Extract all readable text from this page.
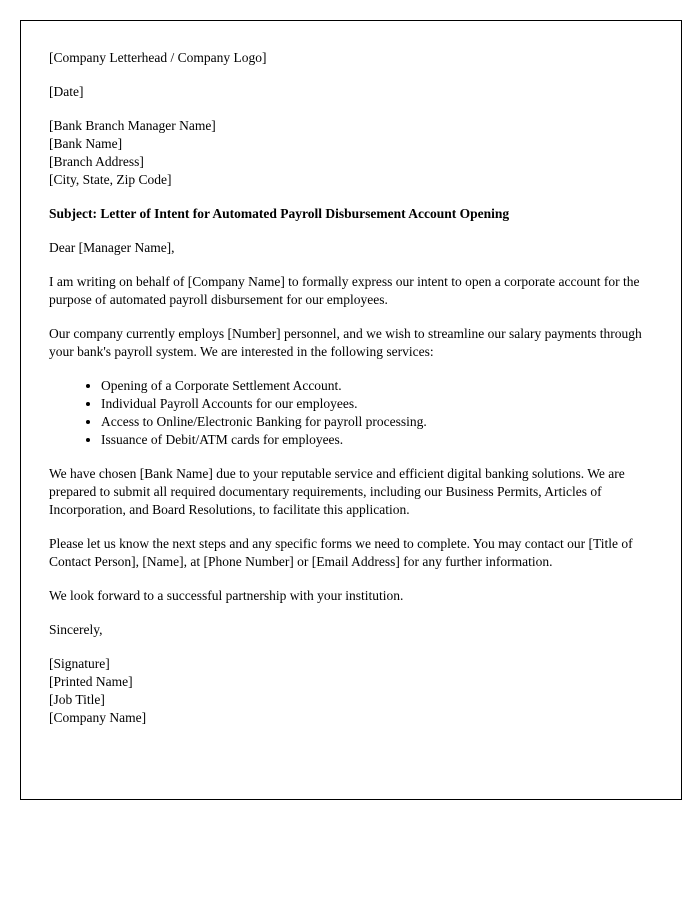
[Company Letterhead / Company Logo]

[Date]

[Bank Branch Manager Name]
[Bank Name]
[Branch Address]
[City, State, Zip Code]

Subject: Letter of Intent for Automated Payroll Disbursement Account Opening

Dear [Manager Name],

I am writing on behalf of [Company Name] to formally express our intent to open a corporate account for the purpose of automated payroll disbursement for our employees.

Our company currently employs [Number] personnel, and we wish to streamline our salary payments through your bank's payroll system. We are interested in the following services:

• Opening of a Corporate Settlement Account.
• Individual Payroll Accounts for our employees.
• Access to Online/Electronic Banking for payroll processing.
• Issuance of Debit/ATM cards for employees.

We have chosen [Bank Name] due to your reputable service and efficient digital banking solutions. We are prepared to submit all required documentary requirements, including our Business Permits, Articles of Incorporation, and Board Resolutions, to facilitate this application.

Please let us know the next steps and any specific forms we need to complete. You may contact our [Title of Contact Person], [Name], at [Phone Number] or [Email Address] for any further information.

We look forward to a successful partnership with your institution.

Sincerely,

[Signature]
[Printed Name]
[Job Title]
[Company Name]
